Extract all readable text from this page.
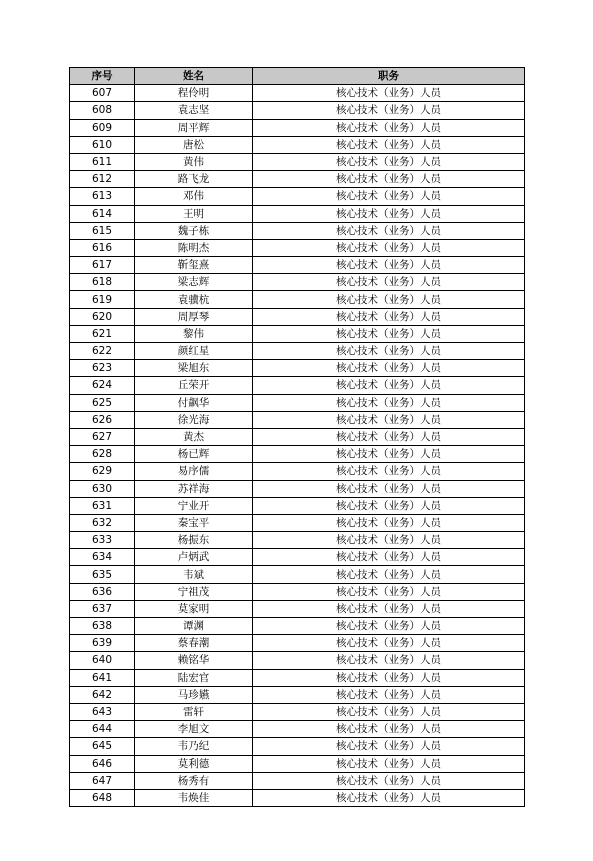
序号	姓名	职务
607	程伶明	核心技术（业务）人员
608	袁志坚	核心技术（业务）人员
609	周平辉	核心技术（业务）人员
610	唐松	核心技术（业务）人员
611	黄伟	核心技术（业务）人员
612	路飞龙	核心技术（业务）人员
613	邓伟	核心技术（业务）人员
614	王明	核心技术（业务）人员
615	魏子栋	核心技术（业务）人员
616	陈明杰	核心技术（业务）人员
617	靳玺熹	核心技术（业务）人员
618	梁志辉	核心技术（业务）人员
619	袁骥杭	核心技术（业务）人员
620	周厚琴	核心技术（业务）人员
621	黎伟	核心技术（业务）人员
622	颜红星	核心技术（业务）人员
623	梁旭东	核心技术（业务）人员
624	丘荣开	核心技术（业务）人员
625	付飙华	核心技术（业务）人员
626	徐光海	核心技术（业务）人员
627	黄杰	核心技术（业务）人员
628	杨已辉	核心技术（业务）人员
629	易序儒	核心技术（业务）人员
630	苏祥海	核心技术（业务）人员
631	宁业开	核心技术（业务）人员
632	秦宝平	核心技术（业务）人员
633	杨振东	核心技术（业务）人员
634	卢炳武	核心技术（业务）人员
635	韦斌	核心技术（业务）人员
636	宁祖茂	核心技术（业务）人员
637	莫家明	核心技术（业务）人员
638	谭渊	核心技术（业务）人员
639	蔡春潮	核心技术（业务）人员
640	赖铭华	核心技术（业务）人员
641	陆宏官	核心技术（业务）人员
642	马珍嬿	核心技术（业务）人员
643	雷轩	核心技术（业务）人员
644	李旭文	核心技术（业务）人员
645	韦乃纪	核心技术（业务）人员
646	莫利德	核心技术（业务）人员
647	杨秀有	核心技术（业务）人员
648	韦焕佳	核心技术（业务）人员
